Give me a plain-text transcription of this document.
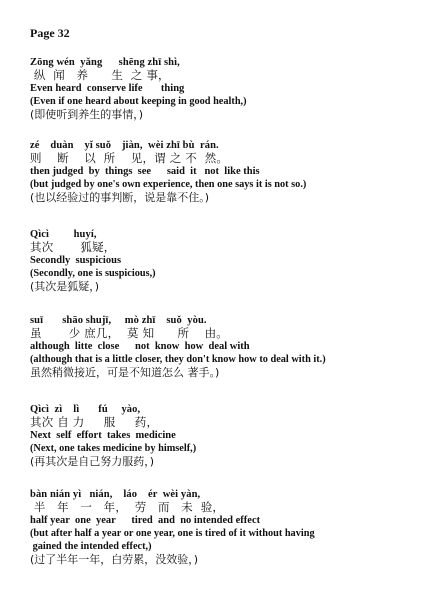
Page 32
Zōng wén  yǎng      shēng zhī shì,
纵  闻   养      生  之 事，
Even heard  conserve life       thing
(Even if one heard about keeping in good health,)
(即使听到养生的事情，)
zé    duàn    yǐ suǒ    jiàn,  wèi zhī bù  rán.
则    断    以  所    见，谓 之 不  然。
then judged  by  things  see      said  it   not  like this
(but judged by one's own experience, then one says it is not so.)
(也以经验过的事判断，说是靠不住。)
Qìcì         huyí,
其次       狐疑，
Secondly  suspicious
(Secondly, one is suspicious,)
(其次是狐疑，)
suī       shāo shujī,     mò zhī    suǒ  yòu.
虽       少 庶几，  莫 知      所    由。
although  litte  close      not  know  how  deal with
(although that is a little closer, they don't know how to deal with it.)
虽然稍微接近，可是不知道怎么 著手。)
Qìcì  zì    lì       fú     yào,
其次 自 力     服     药，
Next  self  effort  takes  medicine
(Next, one takes medicine by himself,)
(再其次是自己努力服药，)
bàn nián yì   nián,    láo    ér  wèi yàn,
半   年   一   年，  劳   而   未  验，
half year  one  year      tired  and  no intended effect
(but after half a year or one year, one is tired of it without having
gained the intended effect,)
(过了半年一年，白劳累，没效验，)
